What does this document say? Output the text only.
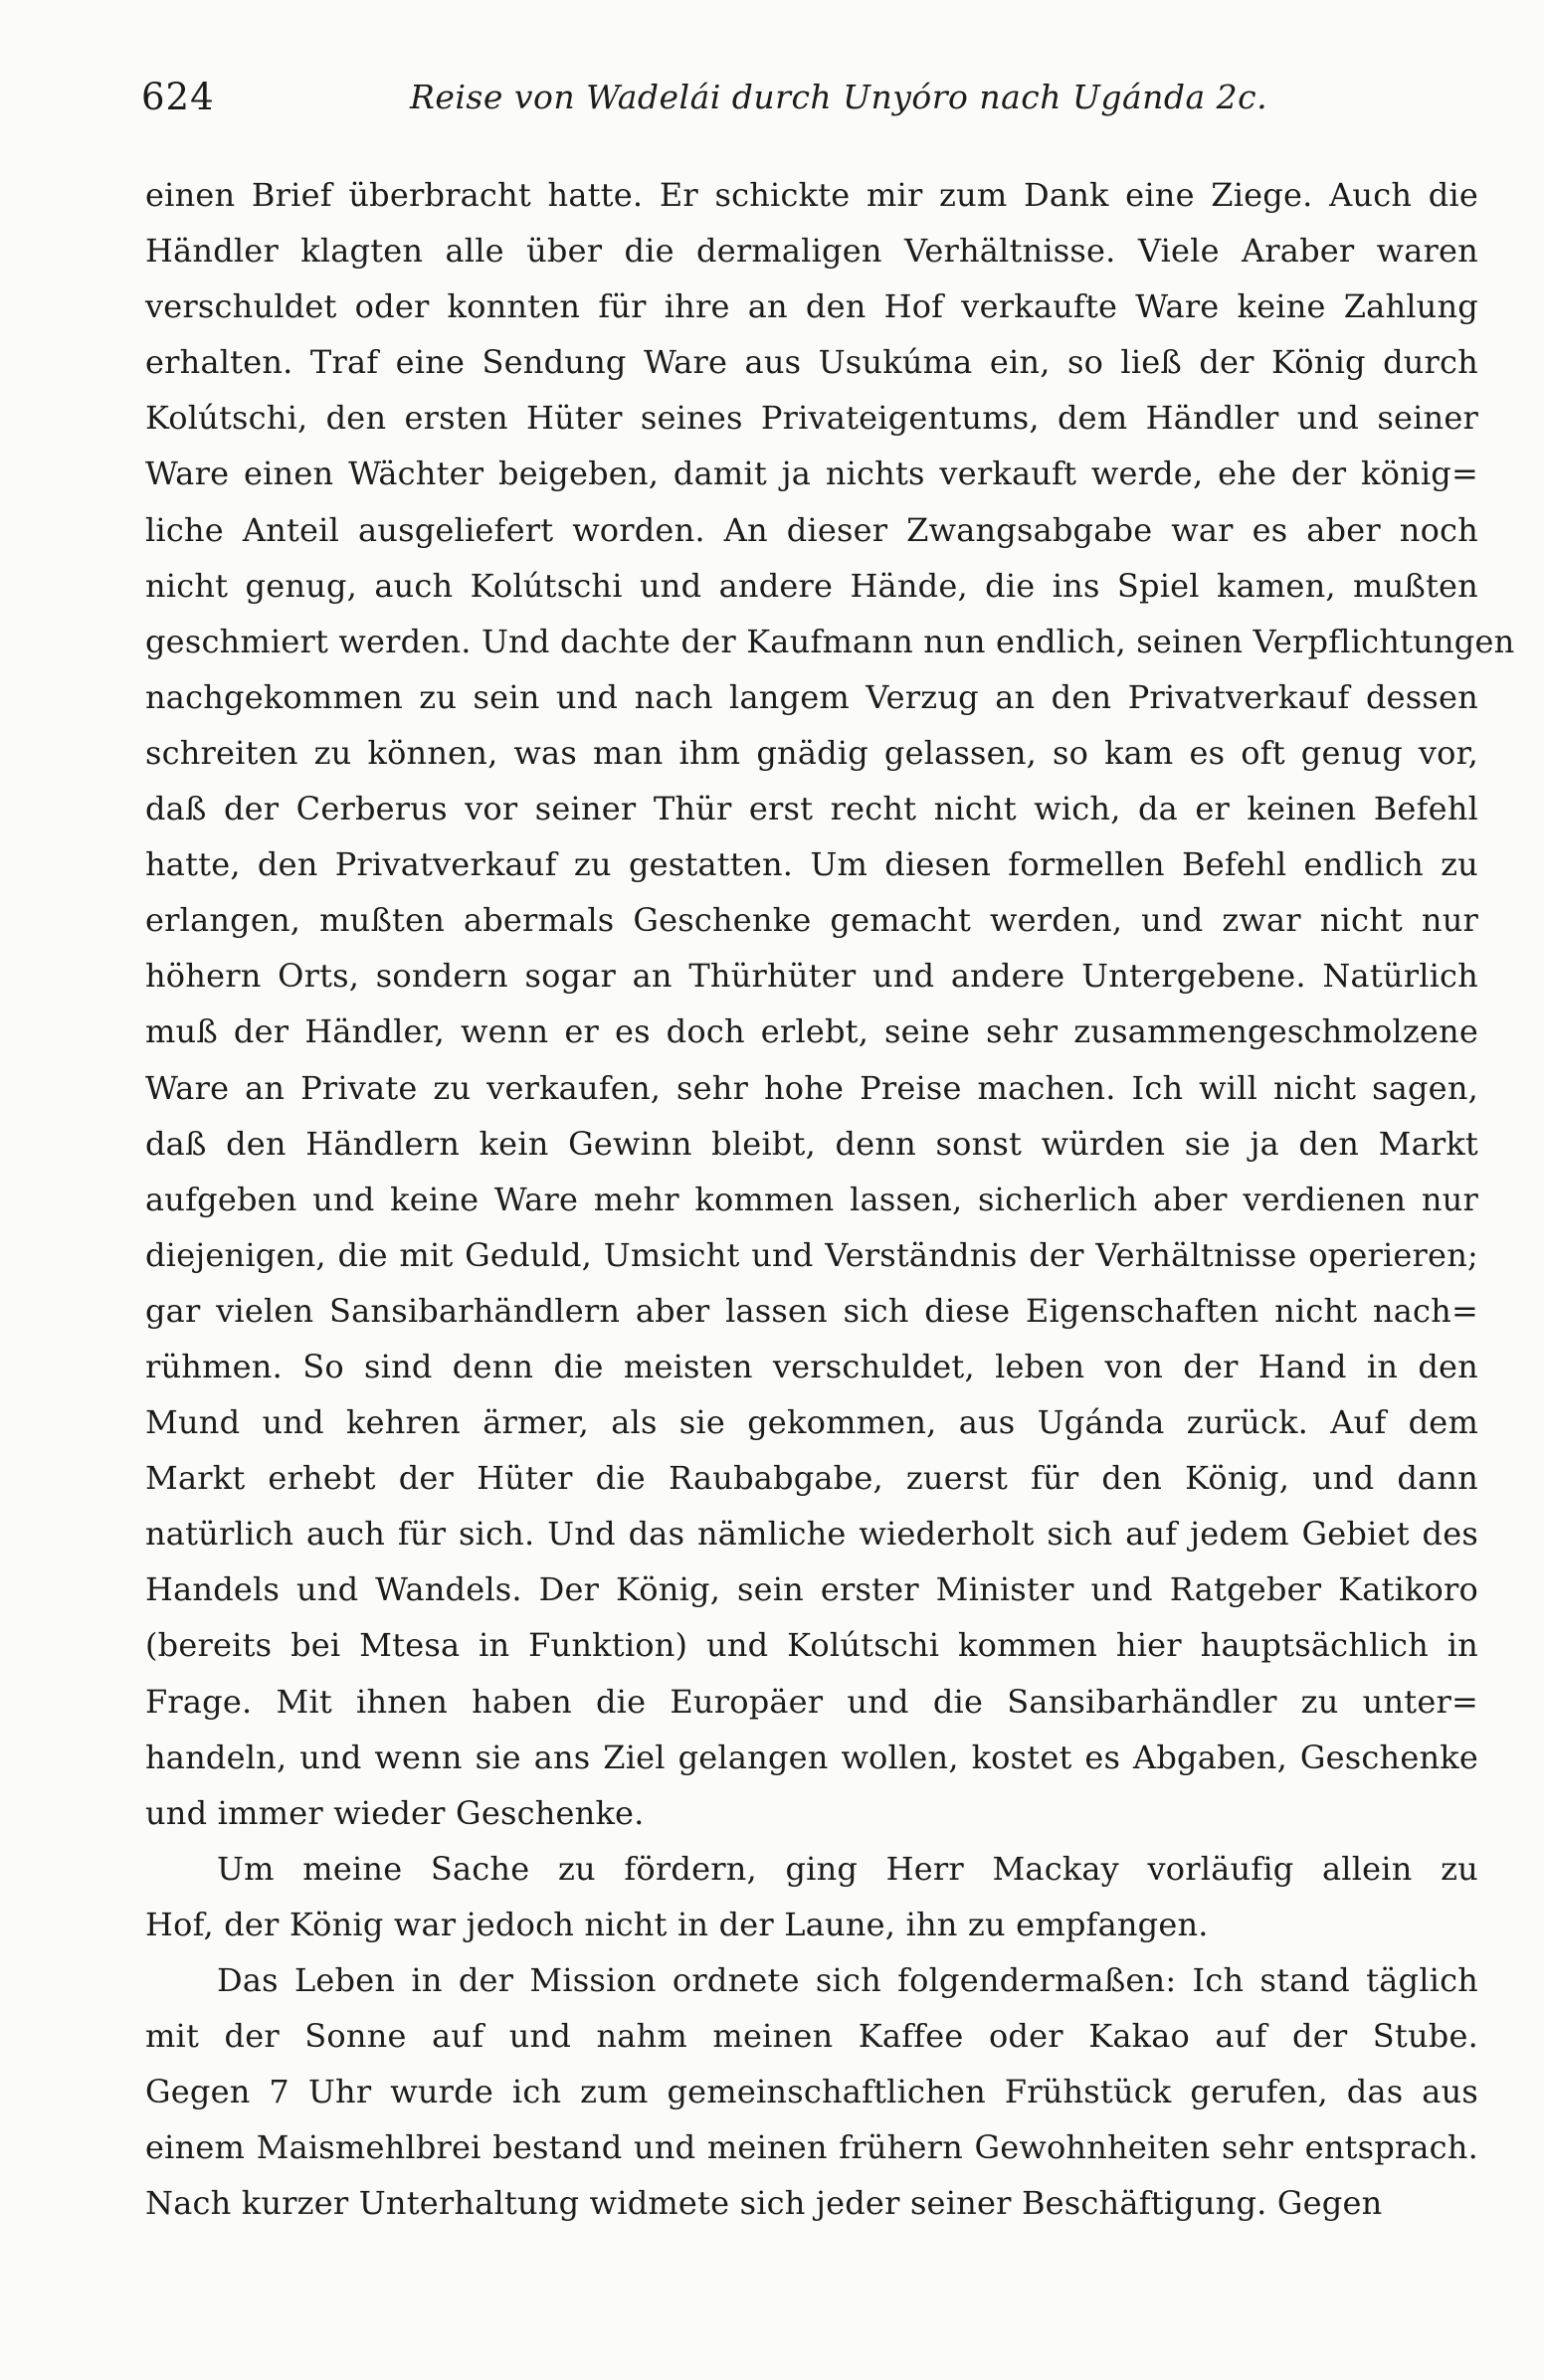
624	Reise von Wadelái durch Unyóro nach Ugánda 2c.
einen Brief überbracht hatte. Er schickte mir zum Dank eine Ziege. Auch die
Händler klagten alle über die dermaligen Verhältnisse. Viele Araber waren
verschuldet oder konnten für ihre an den Hof verkaufte Ware keine Zahlung
erhalten. Traf eine Sendung Ware aus Usukúma ein, so ließ der König durch
Kolútschi, den ersten Hüter seines Privateigentums, dem Händler und seiner
Ware einen Wächter beigeben, damit ja nichts verkauft werde, ehe der könig=
liche Anteil ausgeliefert worden. An dieser Zwangsabgabe war es aber noch
nicht genug, auch Kolútschi und andere Hände, die ins Spiel kamen, mußten
geschmiert werden. Und dachte der Kaufmann nun endlich, seinen Verpflichtungen
nachgekommen zu sein und nach langem Verzug an den Privatverkauf dessen
schreiten zu können, was man ihm gnädig gelassen, so kam es oft genug vor,
daß der Cerberus vor seiner Thür erst recht nicht wich, da er keinen Befehl
hatte, den Privatverkauf zu gestatten. Um diesen formellen Befehl endlich zu
erlangen, mußten abermals Geschenke gemacht werden, und zwar nicht nur
höhern Orts, sondern sogar an Thürhüter und andere Untergebene. Natürlich
muß der Händler, wenn er es doch erlebt, seine sehr zusammengeschmolzene
Ware an Private zu verkaufen, sehr hohe Preise machen. Ich will nicht sagen,
daß den Händlern kein Gewinn bleibt, denn sonst würden sie ja den Markt
aufgeben und keine Ware mehr kommen lassen, sicherlich aber verdienen nur
diejenigen, die mit Geduld, Umsicht und Verständnis der Verhältnisse operieren;
gar vielen Sansibarhändlern aber lassen sich diese Eigenschaften nicht nach=
rühmen. So sind denn die meisten verschuldet, leben von der Hand in den
Mund und kehren ärmer, als sie gekommen, aus Ugánda zurück. Auf dem
Markt erhebt der Hüter die Raubabgabe, zuerst für den König, und dann
natürlich auch für sich. Und das nämliche wiederholt sich auf jedem Gebiet des
Handels und Wandels. Der König, sein erster Minister und Ratgeber Katikoro
(bereits bei Mtesa in Funktion) und Kolútschi kommen hier hauptsächlich in
Frage. Mit ihnen haben die Europäer und die Sansibarhändler zu unter=
handeln, und wenn sie ans Ziel gelangen wollen, kostet es Abgaben, Geschenke
und immer wieder Geschenke.
Um meine Sache zu fördern, ging Herr Mackay vorläufig allein zu
Hof, der König war jedoch nicht in der Laune, ihn zu empfangen.
Das Leben in der Mission ordnete sich folgendermaßen: Ich stand täglich
mit der Sonne auf und nahm meinen Kaffee oder Kakao auf der Stube.
Gegen 7 Uhr wurde ich zum gemeinschaftlichen Frühstück gerufen, das aus
einem Maismehlbrei bestand und meinen frühern Gewohnheiten sehr entsprach.
Nach kurzer Unterhaltung widmete sich jeder seiner Beschäftigung. Gegen
